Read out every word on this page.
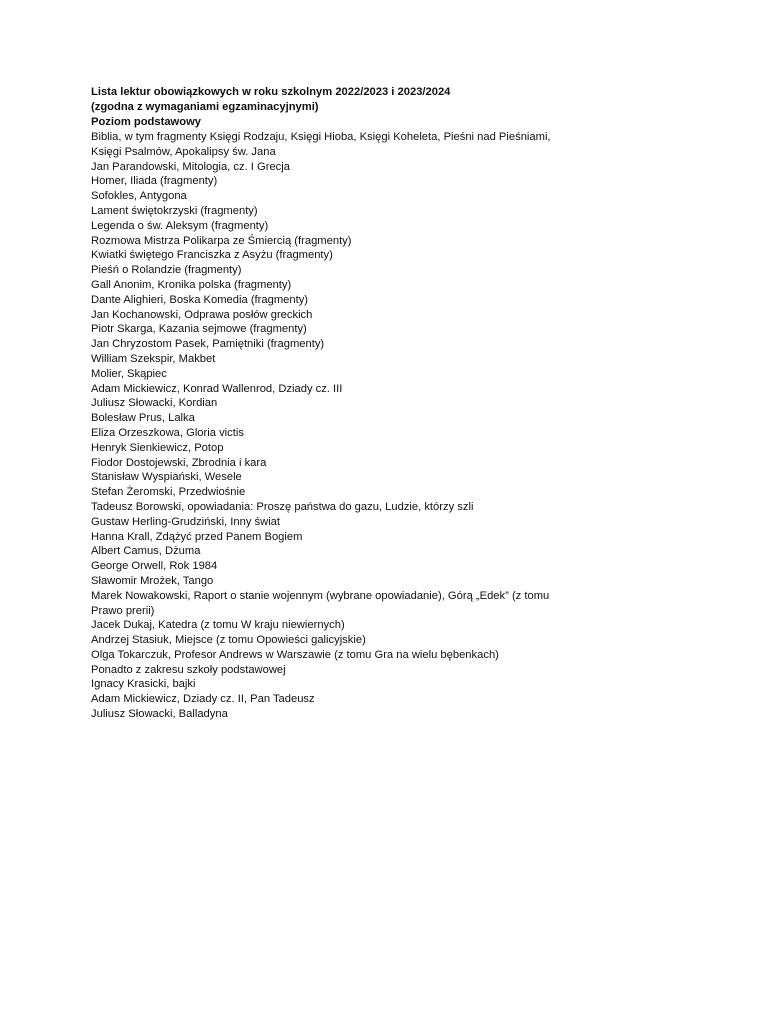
Lista lektur obowiązkowych w roku szkolnym 2022/2023 i 2023/2024

(zgodna z wymaganiami egzaminacyjnymi)

Poziom podstawowy

Biblia, w tym fragmenty Księgi Rodzaju, Księgi Hioba, Księgi Koheleta, Pieśni nad Pieśniami, Księgi Psalmów, Apokalipsy św. Jana

Jan Parandowski, Mitologia, cz. I Grecja

Homer, Iliada (fragmenty)

Sofokles, Antygona

Lament świętokrzyski (fragmenty)

Legenda o św. Aleksym (fragmenty)

Rozmowa Mistrza Polikarpa ze Śmiercią (fragmenty)

Kwiatki świętego Franciszka z Asyżu (fragmenty)

Pieśń o Rolandzie (fragmenty)

Gall Anonim, Kronika polska (fragmenty)

Dante Alighieri, Boska Komedia (fragmenty)

Jan Kochanowski, Odprawa posłów greckich

Piotr Skarga, Kazania sejmowe (fragmenty)

Jan Chryzostom Pasek, Pamiętniki (fragmenty)

William Szekspir, Makbet

Molier, Skąpiec

Adam Mickiewicz, Konrad Wallenrod, Dziady cz. III

Juliusz Słowacki, Kordian

Bolesław Prus, Lalka

Eliza Orzeszkowa, Gloria victis

Henryk Sienkiewicz, Potop

Fiodor Dostojewski, Zbrodnia i kara

Stanisław Wyspiański, Wesele

Stefan Żeromski, Przedwiośnie

Tadeusz Borowski, opowiadania: Proszę państwa do gazu, Ludzie, którzy szli

Gustaw Herling-Grudziński, Inny świat

Hanna Krall, Zdążyć przed Panem Bogiem

Albert Camus, Dżuma

George Orwell, Rok 1984

Sławomir Mrożek, Tango

Marek Nowakowski, Raport o stanie wojennym (wybrane opowiadanie), Górą „Edek” (z tomu Prawo prerii)

Jacek Dukaj, Katedra (z tomu W kraju niewiernych)

Andrzej Stasiuk, Miejsce (z tomu Opowieści galicyjskie)

Olga Tokarczuk, Profesor Andrews w Warszawie (z tomu Gra na wielu bębenkach)

Ponadto z zakresu szkoły podstawowej

Ignacy Krasicki, bajki

Adam Mickiewicz, Dziady cz. II, Pan Tadeusz

Juliusz Słowacki, Balladyna
